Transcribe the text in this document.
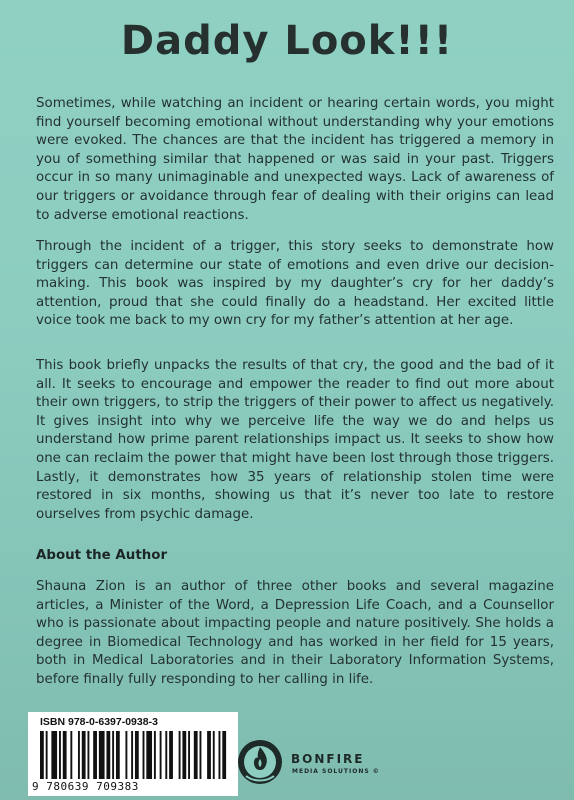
Daddy Look!!!

Sometimes, while watching an incident or hearing certain words, you might find yourself becoming emotional without understanding why your emotions were evoked. The chances are that the incident has triggered a memory in you of something similar that happened or was said in your past. Triggers occur in so many unimaginable and unexpected ways. Lack of awareness of our triggers or avoidance through fear of dealing with their origins can lead to adverse emotional reactions.

Through the incident of a trigger, this story seeks to demonstrate how triggers can determine our state of emotions and even drive our decision-making. This book was inspired by my daughter’s cry for her daddy’s attention, proud that she could finally do a headstand. Her excited little voice took me back to my own cry for my father’s attention at her age.

This book briefly unpacks the results of that cry, the good and the bad of it all. It seeks to encourage and empower the reader to find out more about their own triggers, to strip the triggers of their power to affect us negatively. It gives insight into why we perceive life the way we do and helps us understand how prime parent relationships impact us. It seeks to show how one can reclaim the power that might have been lost through those triggers. Lastly, it demonstrates how 35 years of relationship stolen time were restored in six months, showing us that it’s never too late to restore ourselves from psychic damage.

About the Author

Shauna Zion is an author of three other books and several magazine articles, a Minister of the Word, a Depression Life Coach, and a Counsellor who is passionate about impacting people and nature positively. She holds a degree in Biomedical Technology and has worked in her field for 15 years, both in Medical Laboratories and in their Laboratory Information Systems, before finally fully responding to her calling in life.

ISBN 978-0-6397-0938-3
9 780639 709383
BONFIRE
MEDIA SOLUTIONS ©
